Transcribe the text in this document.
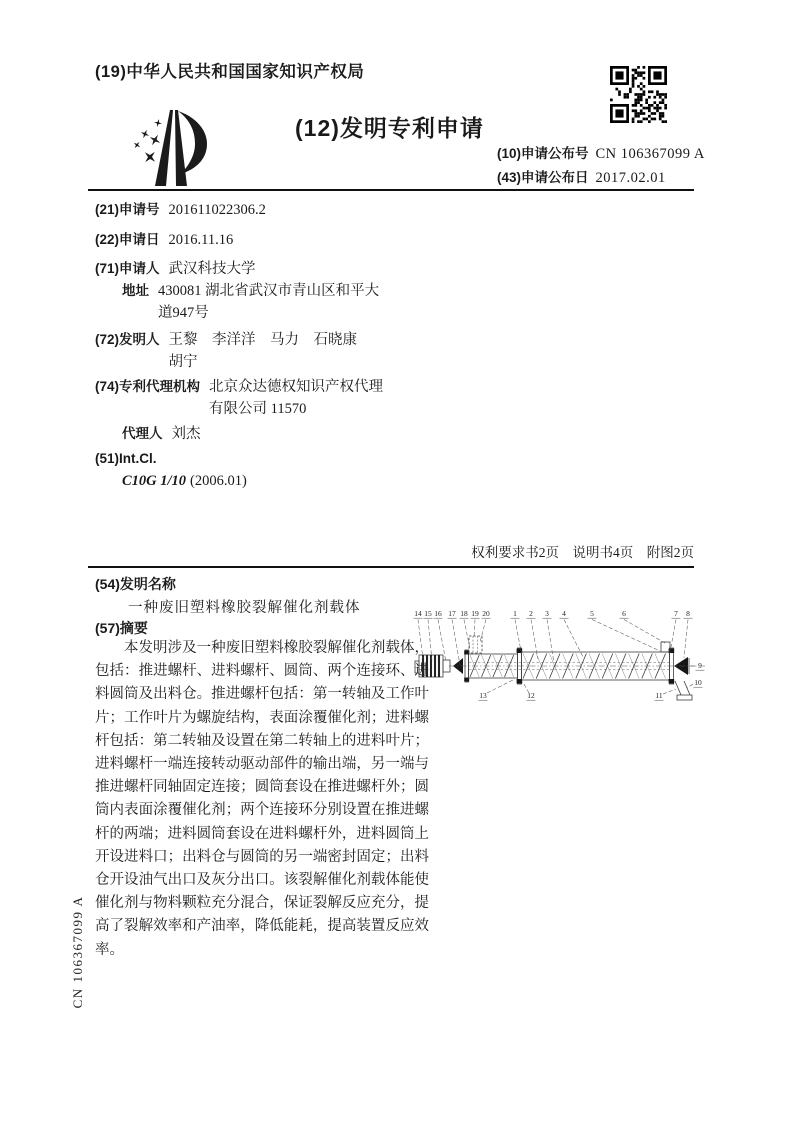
(19)中华人民共和国国家知识产权局
(12)发明专利申请
(10)申请公布号 CN 106367099 A
(43)申请公布日 2017.02.01
(21)申请号 201611022306.2
(22)申请日 2016.11.16
(71)申请人 武汉科技大学
地址 430081 湖北省武汉市青山区和平大道947号
(72)发明人 王黎　李洋洋　马力　石晓康　胡宁
(74)专利代理机构 北京众达德权知识产权代理有限公司 11570
代理人 刘杰
(51)Int.Cl.
C10G 1/10 (2006.01)
权利要求书2页　说明书4页　附图2页
(54)发明名称
一种废旧塑料橡胶裂解催化剂载体
(57)摘要
本发明涉及一种废旧塑料橡胶裂解催化剂载体，包括：推进螺杆、进料螺杆、圆筒、两个连接环、进料圆筒及出料仓。推进螺杆包括：第一转轴及工作叶片；工作叶片为螺旋结构，表面涂覆催化剂；进料螺杆包括：第二转轴及设置在第二转轴上的进料叶片；进料螺杆一端连接转动驱动部件的输出端，另一端与推进螺杆同轴固定连接；圆筒套设在推进螺杆外；圆筒内表面涂覆催化剂；两个连接环分别设置在推进螺杆的两端；进料圆筒套设在进料螺杆外，进料圆筒上开设进料口；出料仓与圆筒的另一端密封固定；出料仓开设油气出口及灰分出口。该裂解催化剂载体能使催化剂与物料颗粒充分混合，保证裂解反应充分，提高了裂解效率和产油率，降低能耗，提高装置反应效率。
1 2 3 4	5	6	7 8
9
10
11
12
13
14 15 16 17 18 19 20
CN 106367099 A
